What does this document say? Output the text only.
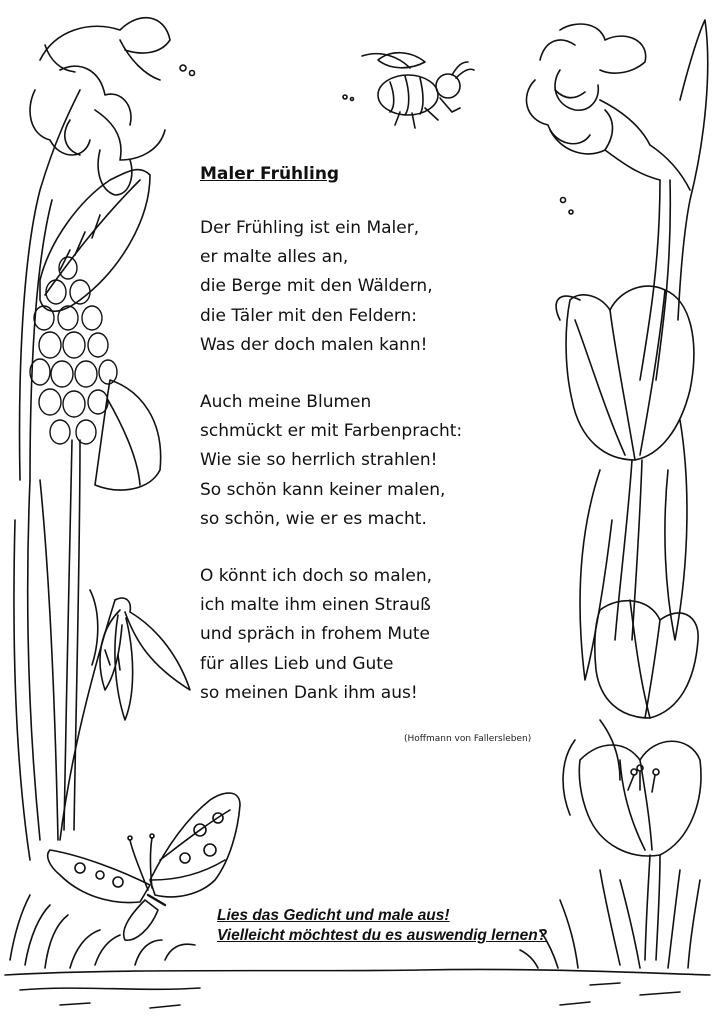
Maler Frühling
Der Frühling ist ein Maler,
er malte alles an,
die Berge mit den Wäldern,
die Täler mit den Feldern:
Was der doch malen kann!
Auch meine Blumen
schmückt er mit Farbenpracht:
Wie sie so herrlich strahlen!
So schön kann keiner malen,
so schön, wie er es macht.
O könnt ich doch so malen,
ich malte ihm einen Strauß
und spräch in frohem Mute
für alles Lieb und Gute
so meinen Dank ihm aus!
(Hoffmann von Fallersleben)
Lies das Gedicht und male aus!
Vielleicht möchtest du es auswendig lernen?
